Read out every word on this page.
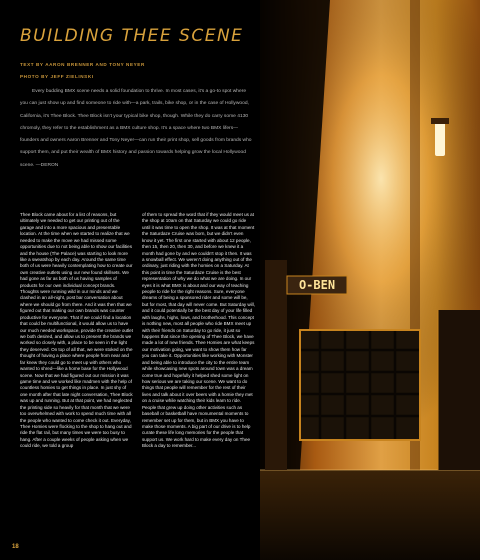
BUILDING THEE SCENE
TEXT BY AARON BRENNER AND TONY NEYER
PHOTO BY JEFF ZIELINSKI

Every budding BMX scene needs a solid foundation to thrive. In most cases, it's a go-to spot where you can just show up and find someone to ride with—a park, trails, bike shop, or in the case of Hollywood, California, it's Thee Block. Thee Block isn't your typical bike shop, though. While they do carry some 4130 chromoly, they refer to the establishment as a BMX culture shop. It's a space where two BMX lifers—founders and owners Aaron Brenner and Tony Neyer—can run their print shop, sell goods from brands who support them, and put their wealth of BMX history and passion towards helping grow the local Hollywood scene. —DERON

Thee Block came about for a list of reasons, but ultimately we needed to get our printing out of the garage and into a more spacious and presentable location. At the time when we started to realize that we needed to make the move we had missed some opportunities due to not being able to show our facilities and the house (The Palace) was starting to look more like a sweatshop by each day. Around the same time both of us were heavily contemplating how to create our own creative outlets using our new found skillsets. We had gone as far as both of us having samples of products for our own individual concept brands. Thoughts were running wild in our minds and we clashed in an all-night, post bar conversation about where we should go from there. And it was then that we figured out that making our own brands was counter productive for everyone. That if we could find a location that could be multifunctional, it would allow us to have our much needed workspace, provide the creative outlet we both desired, and allow us to present the brands we worked so closely with, a place to be seen in the light they deserved. On top of all that, we were stoked on the thought of having a place where people from near and far knew they could go to meet up with others who wanted to shred—like a home base for the Hollywood scene. Now that we had figured out our mission it was game time and we worked like madmen with the help of countless homies to get things in place. In just shy of one month after that late night conversation, Thee Block was up and running. But at that point, we had neglected the printing side so heavily for that month that we were too overwhelmed with work to spend much time with all the people who wanted to come check it out. Everyday, Thee Homies were flocking to the shop to hang out and ride the flat rail, but many times we were too busy to hang. After a couple weeks of people asking when we could ride, we told a group

of them to spread the word that if they would meet us at the shop at 10am on that Saturday we could go ride until it was time to open the shop. It was at that moment the Saturdaze Cruise was born, but we didn't even know it yet. The first one started with about 12 people, then 15, then 20, then 30, and before we knew it a month had gone by and we couldn't stop it then. It was a snowball effect. We weren't doing anything out of the ordinary, just riding with the homies on a Saturday. At this point in time the Saturdaze Cruise is the best representation of why we do what we are doing. In our eyes it is what BMX is about and our way of teaching people to ride for the right reasons. Sure, everyone dreams of being a sponsored rider and some will be, but for most, that day will never come. But Saturday will, and it could potentially be the best day of your life filled with laughs, highs, lows, and brotherhood. This concept is nothing new, most all people who ride BMX meet up with their friends on Saturday to go ride, it just so happens that since the opening of Thee Block, we have made a lot of new friends. Thee Homies are what keeps our motivation going, we want to show them how far you can take it. Opportunities like working with Monster and being able to introduce the city to the entire team while showcasing new spots around town was a dream come true and hopefully it helped shed some light on how serious we are taking our scene. We want to do things that people will remember for the rest of their lives and talk about it over beers with a homie they met on a cruise while watching their kids learn to ride. People that grew up doing other activities such as baseball or basketball have monumental moments to remember set up for them, but in BMX you have to make those moments. A big part of our drive is to help curate these life long memories for the people that support us. We work hard to make every day on Thee Block a day to remember...

18
O-BEN
